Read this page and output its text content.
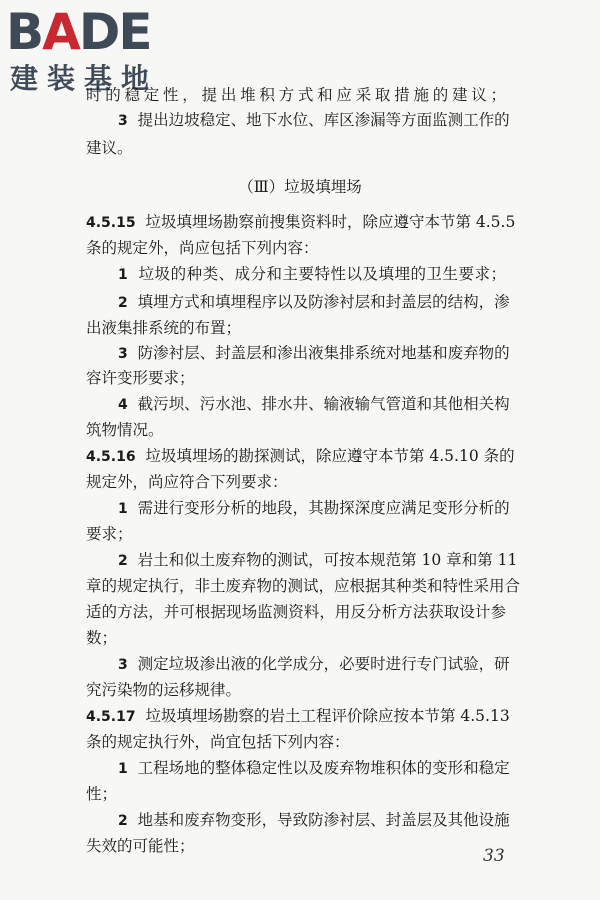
BADE
建装基地
时的稳定性，提出堆积方式和应采取措施的建议；
3 提出边坡稳定、地下水位、库区渗漏等方面监测工作的
建议。
（Ⅲ）垃圾填埋场
4.5.15 垃圾填埋场勘察前搜集资料时，除应遵守本节第 4.5.5
条的规定外，尚应包括下列内容：
1 垃圾的种类、成分和主要特性以及填埋的卫生要求；
2 填埋方式和填埋程序以及防渗衬层和封盖层的结构，渗
出液集排系统的布置；
3 防渗衬层、封盖层和渗出液集排系统对地基和废弃物的
容许变形要求；
4 截污坝、污水池、排水井、输液输气管道和其他相关构
筑物情况。
4.5.16 垃圾填埋场的勘探测试，除应遵守本节第 4.5.10 条的
规定外，尚应符合下列要求：
1 需进行变形分析的地段，其勘探深度应满足变形分析的
要求；
2 岩土和似土废弃物的测试，可按本规范第 10 章和第 11
章的规定执行，非土废弃物的测试，应根据其种类和特性采用合
适的方法，并可根据现场监测资料，用反分析方法获取设计参
数；
3 测定垃圾渗出液的化学成分，必要时进行专门试验，研
究污染物的运移规律。
4.5.17 垃圾填埋场勘察的岩土工程评价除应按本节第 4.5.13
条的规定执行外，尚宜包括下列内容：
1 工程场地的整体稳定性以及废弃物堆积体的变形和稳定
性；
2 地基和废弃物变形，导致防渗衬层、封盖层及其他设施
失效的可能性；	33
